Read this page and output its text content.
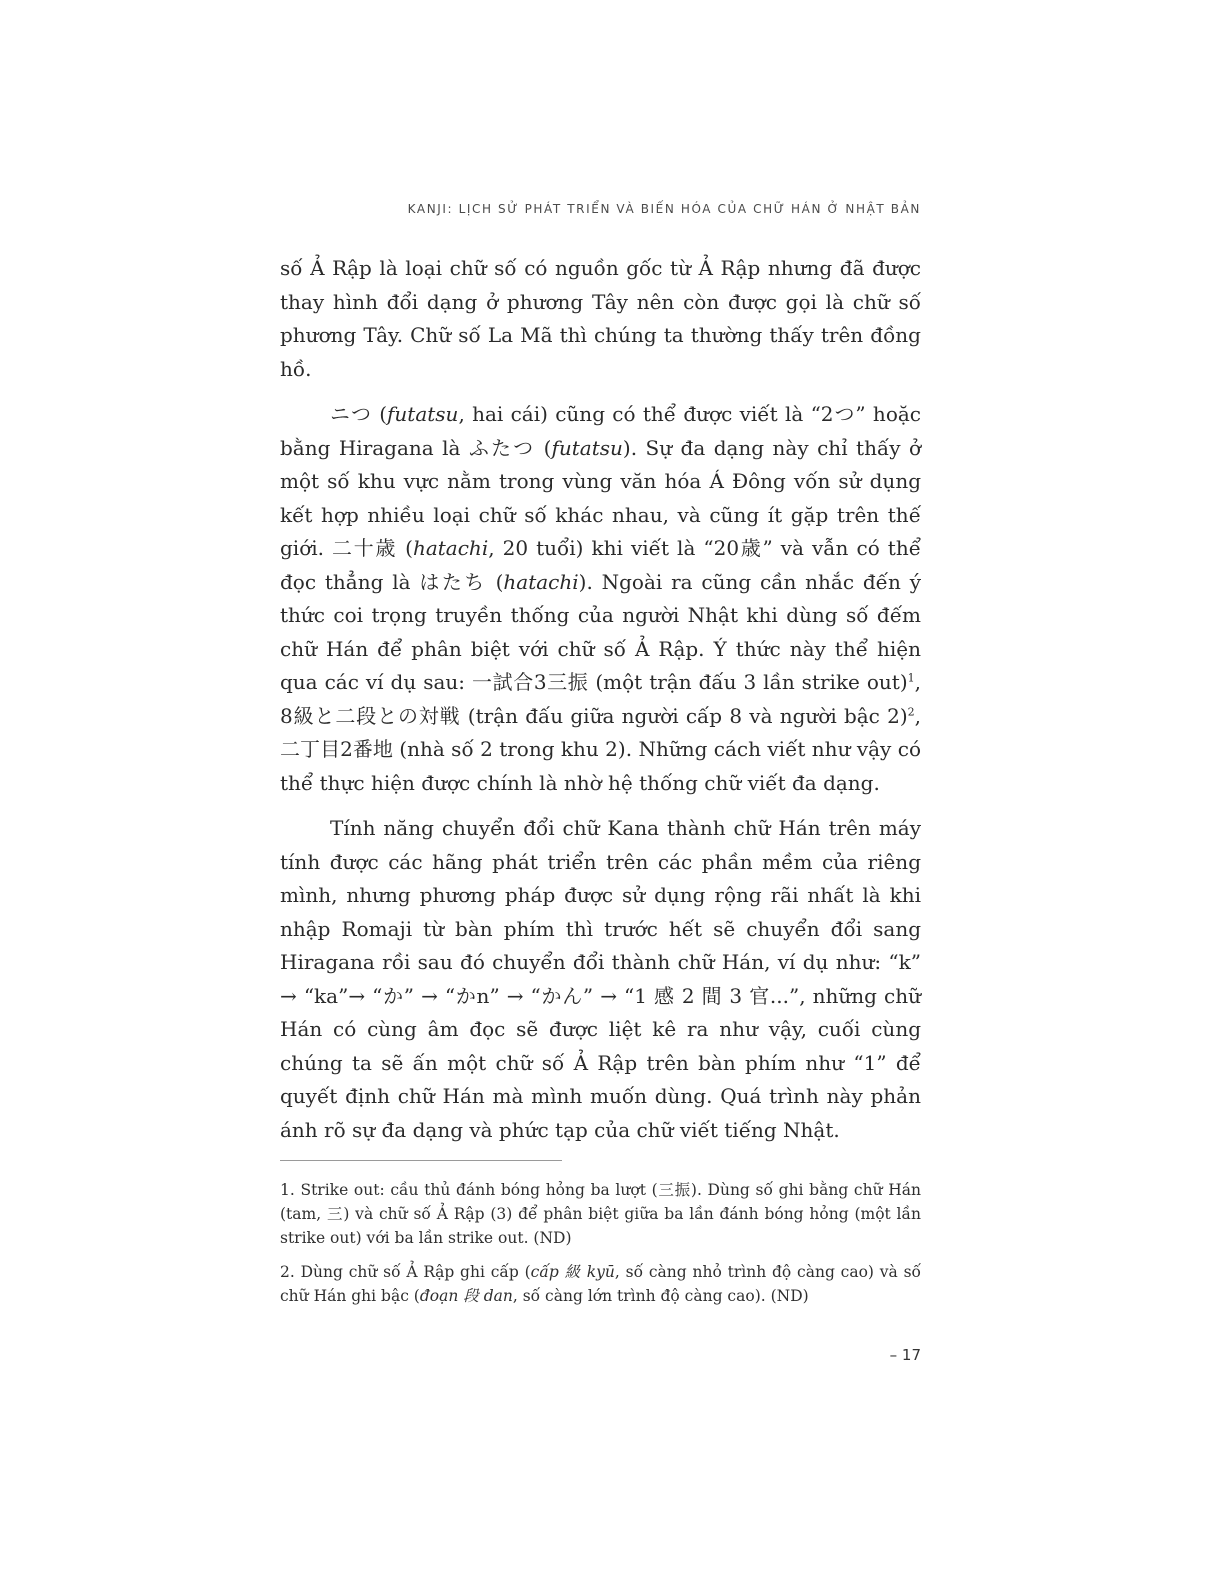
KANJI: LỊCH SỬ PHÁT TRIỂN VÀ BIẾN HÓA CỦA CHỮ HÁN Ở NHẬT BẢN

số Ả Rập là loại chữ số có nguồn gốc từ Ả Rập nhưng đã được thay hình đổi dạng ở phương Tây nên còn được gọi là chữ số phương Tây. Chữ số La Mã thì chúng ta thường thấy trên đồng hồ.

ニつ (futatsu, hai cái) cũng có thể được viết là “2つ” hoặc bằng Hiragana là ふたつ (futatsu). Sự đa dạng này chỉ thấy ở một số khu vực nằm trong vùng văn hóa Á Đông vốn sử dụng kết hợp nhiều loại chữ số khác nhau, và cũng ít gặp trên thế giới. 二十歳 (hatachi, 20 tuổi) khi viết là “20歳” và vẫn có thể đọc thẳng là はたち (hatachi). Ngoài ra cũng cần nhắc đến ý thức coi trọng truyền thống của người Nhật khi dùng số đếm chữ Hán để phân biệt với chữ số Ả Rập. Ý thức này thể hiện qua các ví dụ sau: 一試合3三振 (một trận đấu 3 lần strike out)$^1$, 8級と二段との対戦 (trận đấu giữa người cấp 8 và người bậc 2)$^2$, 二丁目2番地 (nhà số 2 trong khu 2). Những cách viết như vậy có thể thực hiện được chính là nhờ hệ thống chữ viết đa dạng.

Tính năng chuyển đổi chữ Kana thành chữ Hán trên máy tính được các hãng phát triển trên các phần mềm của riêng mình, nhưng phương pháp được sử dụng rộng rãi nhất là khi nhập Romaji từ bàn phím thì trước hết sẽ chuyển đổi sang Hiragana rồi sau đó chuyển đổi thành chữ Hán, ví dụ như: “k” → “ka”→ “か” → “かn” → “かん” → “1 感 2 間 3 官...”, những chữ Hán có cùng âm đọc sẽ được liệt kê ra như vậy, cuối cùng chúng ta sẽ ấn một chữ số Ả Rập trên bàn phím như “1” để quyết định chữ Hán mà mình muốn dùng. Quá trình này phản ánh rõ sự đa dạng và phức tạp của chữ viết tiếng Nhật.

1. Strike out: cầu thủ đánh bóng hỏng ba lượt (三振). Dùng số ghi bằng chữ Hán (tam, 三) và chữ số Ả Rập (3) để phân biệt giữa ba lần đánh bóng hỏng (một lần strike out) với ba lần strike out. (ND)

2. Dùng chữ số Ả Rập ghi cấp (cấp 級 kyū, số càng nhỏ trình độ càng cao) và số chữ Hán ghi bậc (đoạn 段 dan, số càng lớn trình độ càng cao). (ND)

– 17
